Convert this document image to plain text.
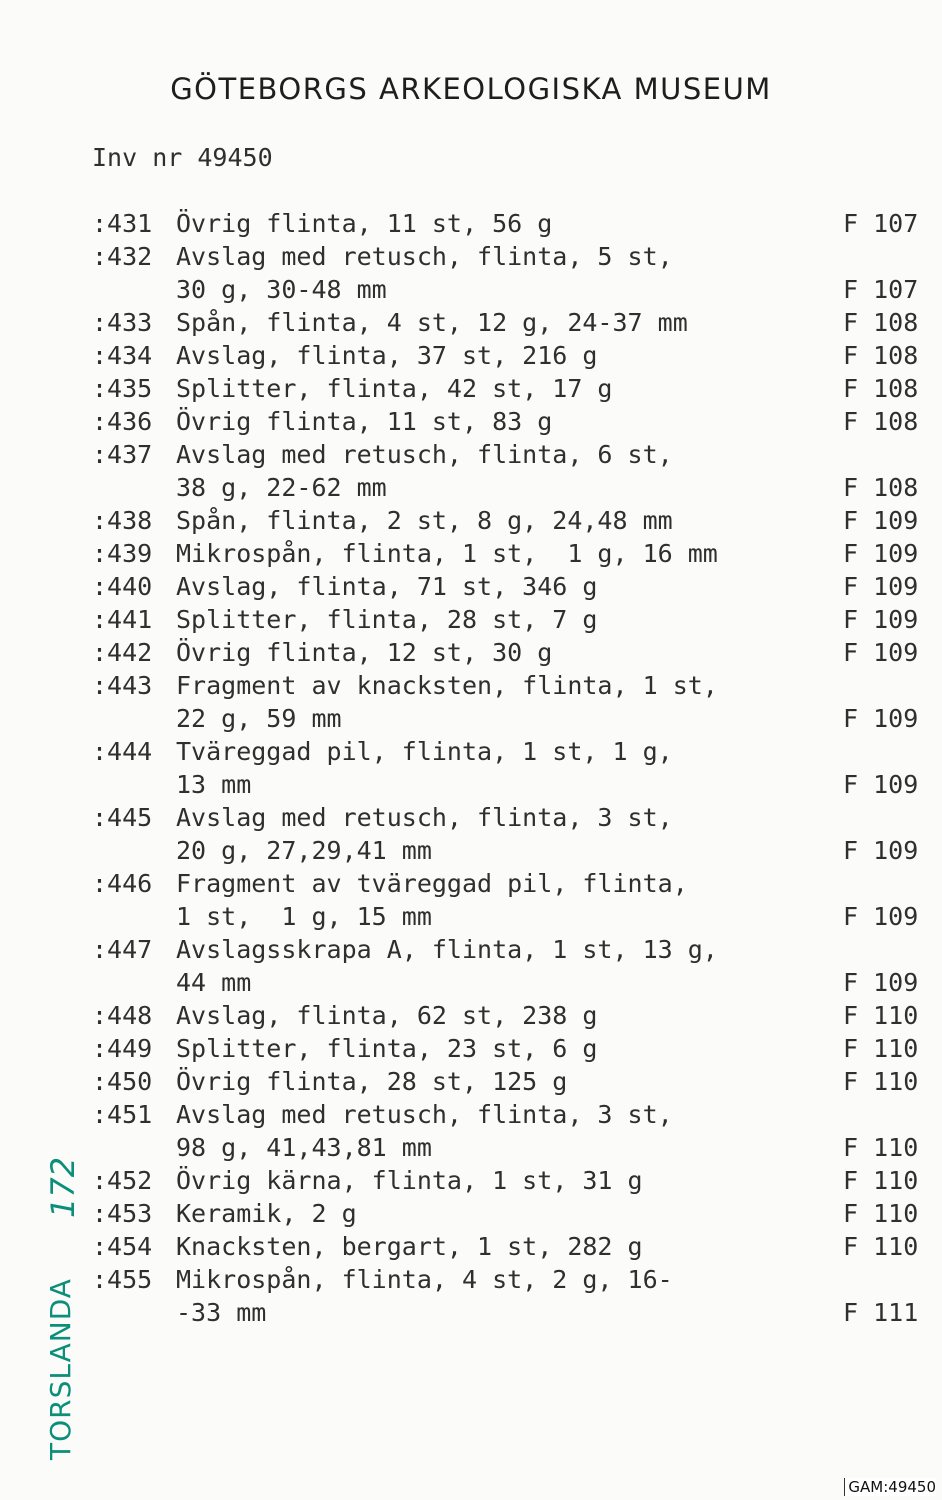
GÖTEBORGS ARKEOLOGISKA MUSEUM
Inv nr 49450
:431 Övrig flinta, 11 st, 56 g	F 107
:432 Avslag med retusch, flinta, 5 st,
30 g, 30-48 mm	F 107
:433 Spån, flinta, 4 st, 12 g, 24-37 mm	F 108
:434 Avslag, flinta, 37 st, 216 g	F 108
:435 Splitter, flinta, 42 st, 17 g	F 108
:436 Övrig flinta, 11 st, 83 g	F 108
:437 Avslag med retusch, flinta, 6 st,
38 g, 22-62 mm	F 108
:438 Spån, flinta, 2 st, 8 g, 24,48 mm	F 109
:439 Mikrospån, flinta, 1 st,  1 g, 16 mm	F 109
:440 Avslag, flinta, 71 st, 346 g	F 109
:441 Splitter, flinta, 28 st, 7 g	F 109
:442 Övrig flinta, 12 st, 30 g	F 109
:443 Fragment av knacksten, flinta, 1 st,
22 g, 59 mm	F 109
:444 Tväreggad pil, flinta, 1 st, 1 g,
13 mm	F 109
:445 Avslag med retusch, flinta, 3 st,
20 g, 27,29,41 mm	F 109
:446 Fragment av tväreggad pil, flinta,
1 st,  1 g, 15 mm	F 109
:447 Avslagsskrapa A, flinta, 1 st, 13 g,
44 mm	F 109
:448 Avslag, flinta, 62 st, 238 g	F 110
:449 Splitter, flinta, 23 st, 6 g	F 110
:450 Övrig flinta, 28 st, 125 g	F 110
:451 Avslag med retusch, flinta, 3 st,
98 g, 41,43,81 mm	F 110
:452 Övrig kärna, flinta, 1 st, 31 g	F 110
:453 Keramik, 2 g	F 110
:454 Knacksten, bergart, 1 st, 282 g	F 110
:455 Mikrospån, flinta, 4 st, 2 g, 16-
-33 mm	F 111
TORSLANDA
172
GAM:49450
